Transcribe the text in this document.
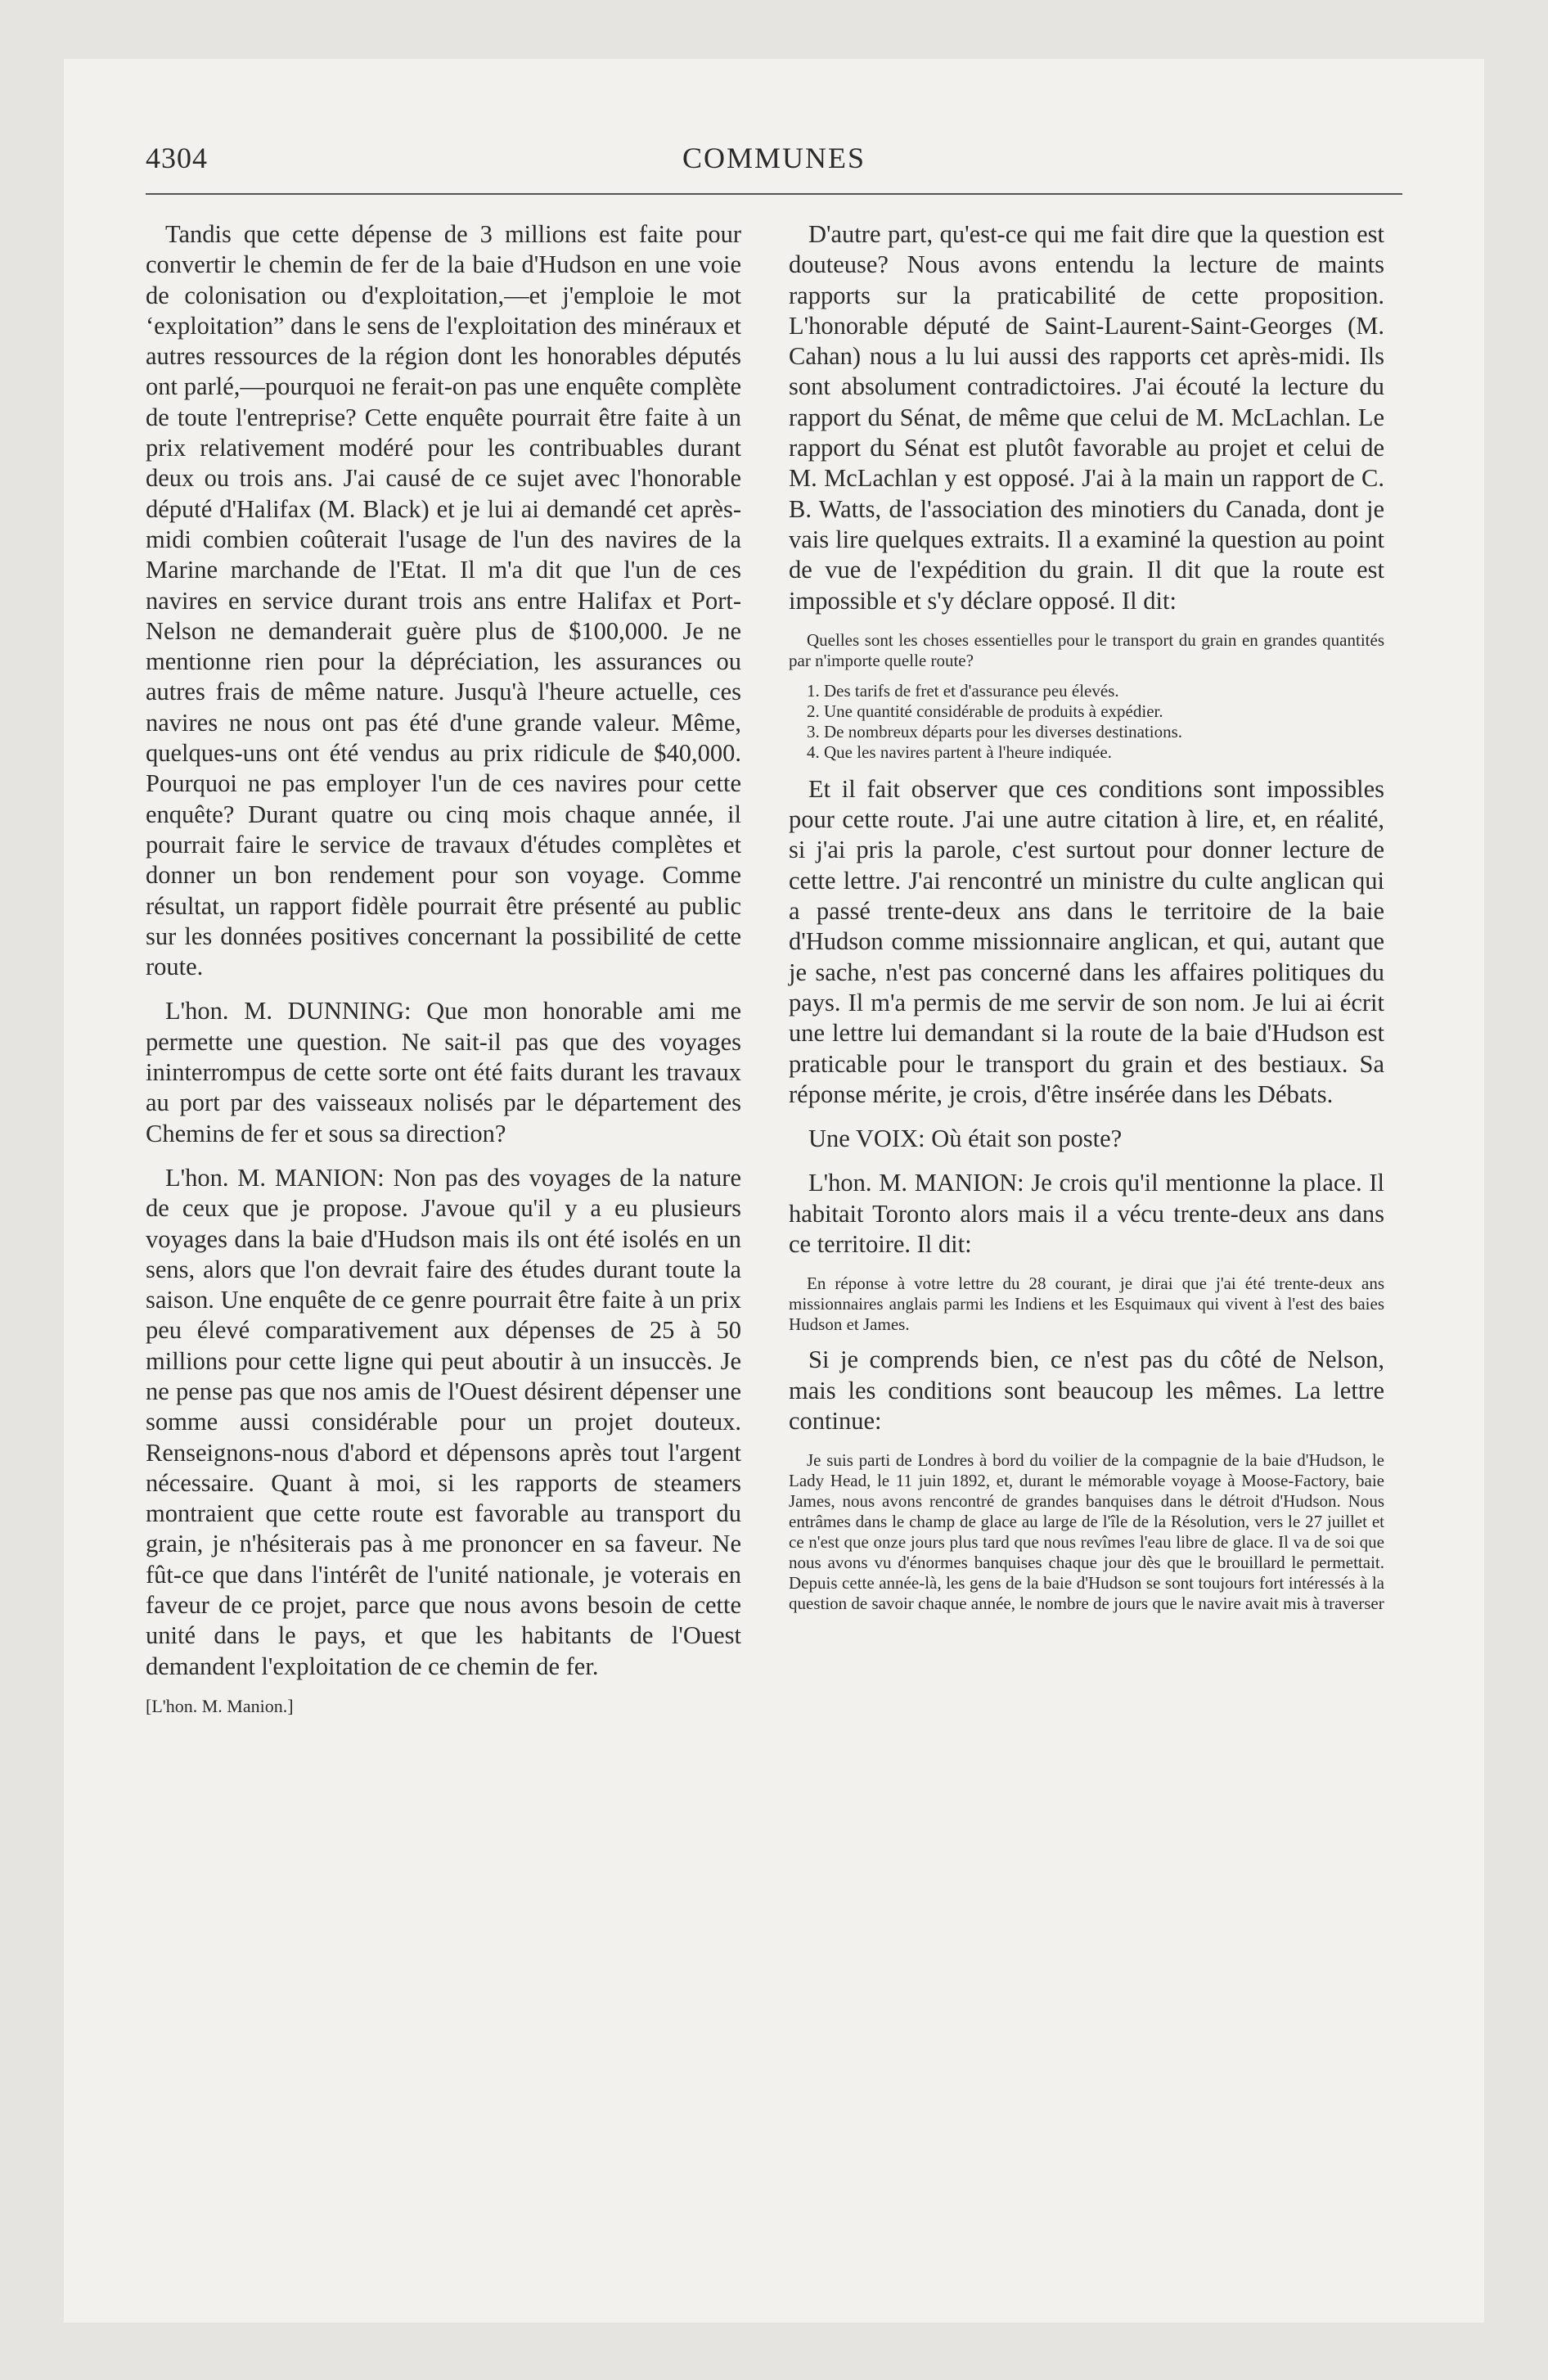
4304	COMMUNES

Tandis que cette dépense de 3 millions est faite pour convertir le chemin de fer de la baie d'Hudson en une voie de colonisation ou d'exploitation,—et j'emploie le mot ‘exploitation” dans le sens de l'exploitation des minéraux et autres ressources de la région dont les honorables députés ont parlé,—pourquoi ne ferait-on pas une enquête complète de toute l'entreprise? Cette enquête pourrait être faite à un prix relativement modéré pour les contribuables durant deux ou trois ans. J'ai causé de ce sujet avec l'honorable député d'Halifax (M. Black) et je lui ai demandé cet après-midi combien coûterait l'usage de l'un des navires de la Marine marchande de l'Etat. Il m'a dit que l'un de ces navires en service durant trois ans entre Halifax et Port-Nelson ne demanderait guère plus de $100,000. Je ne mentionne rien pour la dépréciation, les assurances ou autres frais de même nature. Jusqu'à l'heure actuelle, ces navires ne nous ont pas été d'une grande valeur. Même, quelques-uns ont été vendus au prix ridicule de $40,000. Pourquoi ne pas employer l'un de ces navires pour cette enquête? Durant quatre ou cinq mois chaque année, il pourrait faire le service de travaux d'études complètes et donner un bon rendement pour son voyage. Comme résultat, un rapport fidèle pourrait être présenté au public sur les données positives concernant la possibilité de cette route.

L'hon. M. DUNNING: Que mon honorable ami me permette une question. Ne sait-il pas que des voyages ininterrompus de cette sorte ont été faits durant les travaux au port par des vaisseaux nolisés par le département des Chemins de fer et sous sa direction?

L'hon. M. MANION: Non pas des voyages de la nature de ceux que je propose. J'avoue qu'il y a eu plusieurs voyages dans la baie d'Hudson mais ils ont été isolés en un sens, alors que l'on devrait faire des études durant toute la saison. Une enquête de ce genre pourrait être faite à un prix peu élevé comparativement aux dépenses de 25 à 50 millions pour cette ligne qui peut aboutir à un insuccès. Je ne pense pas que nos amis de l'Ouest désirent dépenser une somme aussi considérable pour un projet douteux. Renseignons-nous d'abord et dépensons après tout l'argent nécessaire. Quant à moi, si les rapports de steamers montraient que cette route est favorable au transport du grain, je n'hésiterais pas à me prononcer en sa faveur. Ne fût-ce que dans l'intérêt de l'unité nationale, je voterais en faveur de ce projet, parce que nous avons besoin de cette unité dans le pays, et que les habitants de l'Ouest demandent l'exploitation de ce chemin de fer.

[L'hon. M. Manion.]

D'autre part, qu'est-ce qui me fait dire que la question est douteuse? Nous avons entendu la lecture de maints rapports sur la praticabilité de cette proposition. L'honorable député de Saint-Laurent-Saint-Georges (M. Cahan) nous a lu lui aussi des rapports cet après-midi. Ils sont absolument contradictoires. J'ai écouté la lecture du rapport du Sénat, de même que celui de M. McLachlan. Le rapport du Sénat est plutôt favorable au projet et celui de M. McLachlan y est opposé. J'ai à la main un rapport de C. B. Watts, de l'association des minotiers du Canada, dont je vais lire quelques extraits. Il a examiné la question au point de vue de l'expédition du grain. Il dit que la route est impossible et s'y déclare opposé. Il dit:

Quelles sont les choses essentielles pour le transport du grain en grandes quantités par n'importe quelle route?

1. Des tarifs de fret et d'assurance peu élevés.

2. Une quantité considérable de produits à expédier.

3. De nombreux départs pour les diverses destinations.

4. Que les navires partent à l'heure indiquée.

Et il fait observer que ces conditions sont impossibles pour cette route. J'ai une autre citation à lire, et, en réalité, si j'ai pris la parole, c'est surtout pour donner lecture de cette lettre. J'ai rencontré un ministre du culte anglican qui a passé trente-deux ans dans le territoire de la baie d'Hudson comme missionnaire anglican, et qui, autant que je sache, n'est pas concerné dans les affaires politiques du pays. Il m'a permis de me servir de son nom. Je lui ai écrit une lettre lui demandant si la route de la baie d'Hudson est praticable pour le transport du grain et des bestiaux. Sa réponse mérite, je crois, d'être insérée dans les Débats.

Une VOIX: Où était son poste?

L'hon. M. MANION: Je crois qu'il mentionne la place. Il habitait Toronto alors mais il a vécu trente-deux ans dans ce territoire. Il dit:

En réponse à votre lettre du 28 courant, je dirai que j'ai été trente-deux ans missionnaires anglais parmi les Indiens et les Esquimaux qui vivent à l'est des baies Hudson et James.

Si je comprends bien, ce n'est pas du côté de Nelson, mais les conditions sont beaucoup les mêmes. La lettre continue:

Je suis parti de Londres à bord du voilier de la compagnie de la baie d'Hudson, le Lady Head, le 11 juin 1892, et, durant le mémorable voyage à Moose-Factory, baie James, nous avons rencontré de grandes banquises dans le détroit d'Hudson. Nous entrâmes dans le champ de glace au large de l'île de la Résolution, vers le 27 juillet et ce n'est que onze jours plus tard que nous revîmes l'eau libre de glace. Il va de soi que nous avons vu d'énormes banquises chaque jour dès que le brouillard le permettait. Depuis cette année-là, les gens de la baie d'Hudson se sont toujours fort intéressés à la question de savoir chaque année, le nombre de jours que le navire avait mis à traverser
